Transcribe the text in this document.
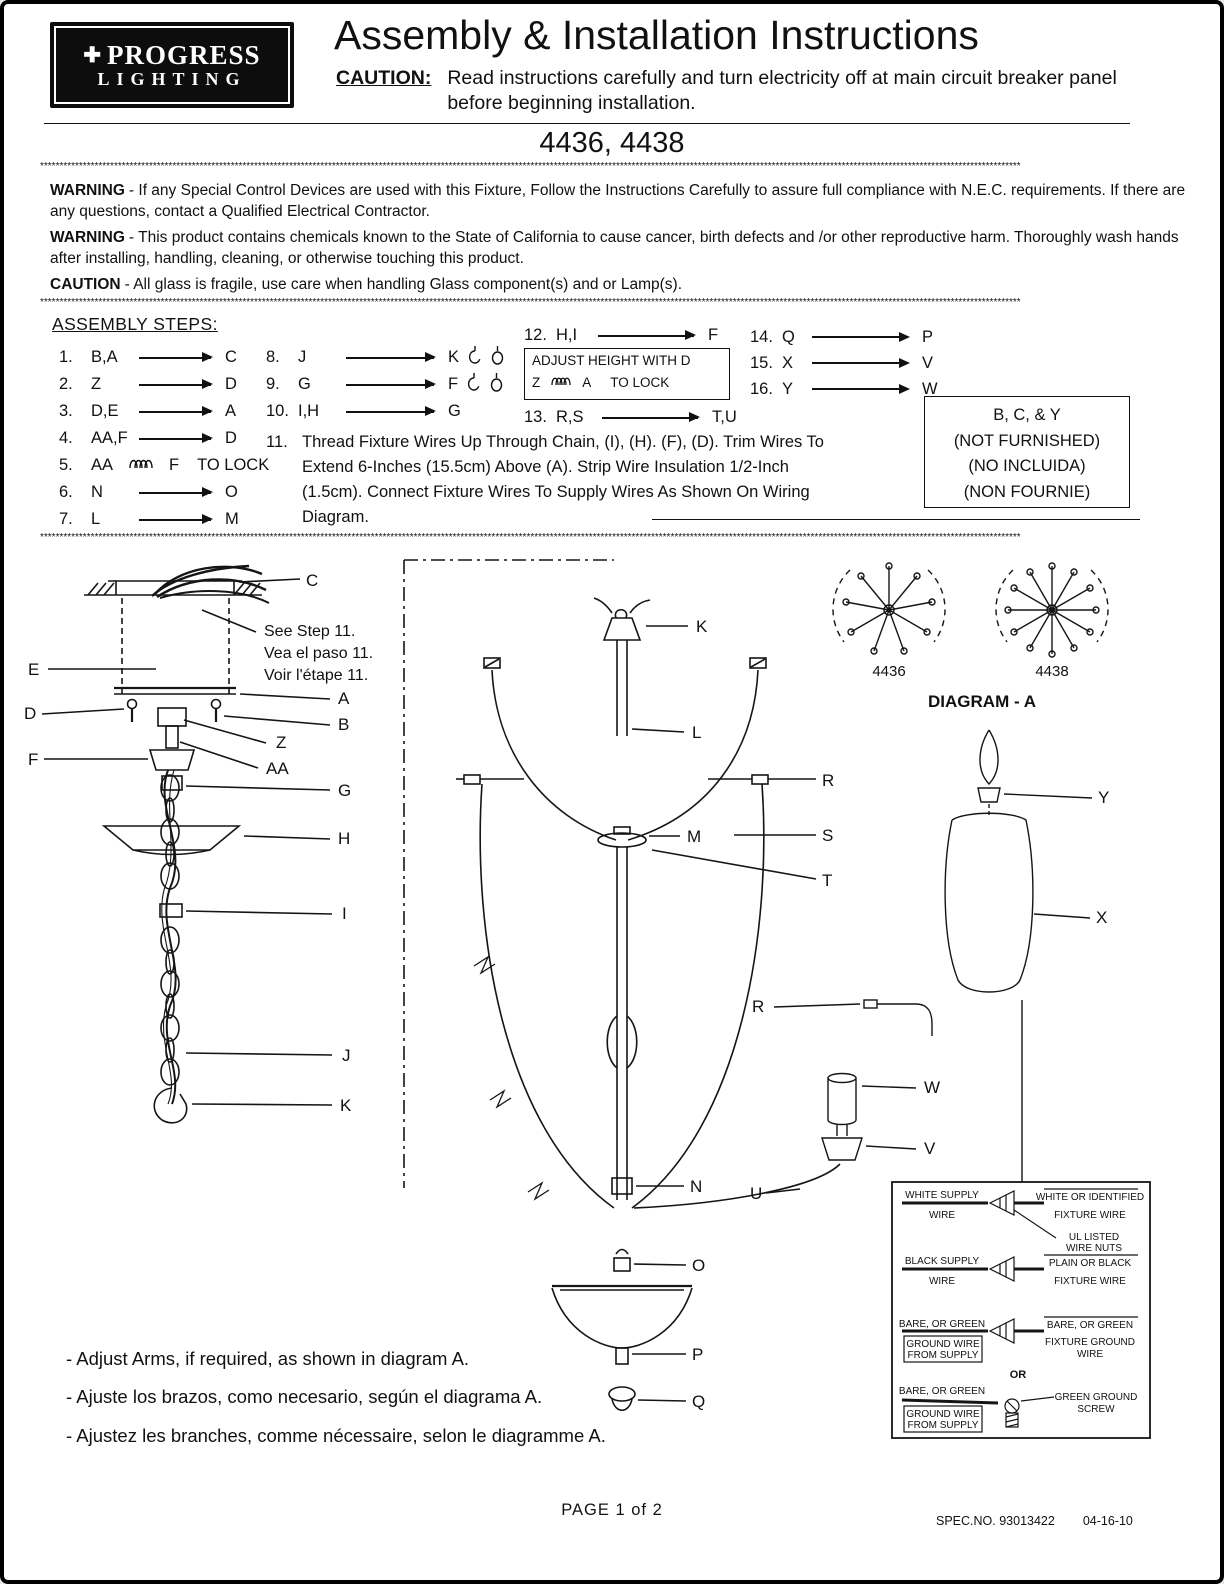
✚ PROGRESS
LIGHTING
Assembly & Installation Instructions
CAUTION: Read instructions carefully and turn electricity off at main circuit breaker panel before beginning installation.
4436, 4438
************************************************************************************************************************************************************************************************************************************************************

WARNING - If any Special Control Devices are used with this Fixture, Follow the Instructions Carefully to assure full compliance with N.E.C. requirements. If there are any questions, contact a Qualified Electrical Contractor.

WARNING - This product contains chemicals known to the State of California to cause cancer, birth defects and /or other reproductive harm. Thoroughly wash hands after installing, handling, cleaning, or otherwise touching this product.

CAUTION - All glass is fragile, use care when handling Glass component(s) and or Lamp(s).

************************************************************************************************************************************************************************************************************************************************************
ASSEMBLY STEPS:
1.	B,A	C
2.	Z	D
3.	D,E	A
4.	AA,F	D
5.	AA	F TO LOCK
6.	N	O
7.	L	M
8.	J	K
9.	G	F
10. I,H	G
11. Thread Fixture Wires Up Through Chain, (I), (H). (F), (D). Trim Wires To Extend 6-Inches (15.5cm) Above (A). Strip Wire Insulation 1/2-Inch (1.5cm). Connect Fixture Wires To Supply Wires As Shown On Wiring Diagram.
12. H,I	F
ADJUST HEIGHT WITH D
Z	A TO LOCK
13. R,S	T,U
14. Q	P
15. X	V
16. Y	W
B, C, & Y
(NOT FURNISHED)
(NO INCLUIDA)
(NON FOURNIE)
************************************************************************************************************************************************************************************************************************************************************
WHITE SUPPLY
WIRE
WHITE OR IDENTIFIED
FIXTURE WIRE
UL LISTED
WIRE NUTS
BLACK SUPPLY
WIRE
PLAIN OR BLACK
FIXTURE WIRE
BARE, OR GREEN
GROUND WIRE
FROM SUPPLY
BARE, OR GREEN
FIXTURE GROUND
WIRE
OR
BARE, OR GREEN
GROUND WIRE
FROM SUPPLY
GREEN GROUND
SCREW
C
E
D
A
B
Z
AA
F
G
H
I
J
K
See Step 11.
Vea el paso 11.
Voir l'étape 11.
K
L
R
M	S
T
N
O
P
Q
U
R
W
V
Y
X
4436	4438
DIAGRAM - A
- Adjust Arms, if required, as shown in diagram A.
- Ajuste los brazos, como necesario, según el diagrama A.
- Ajustez les branches, comme nécessaire, selon le diagramme A.
PAGE 1 of 2
SPEC.NO. 93013422 04-16-10
